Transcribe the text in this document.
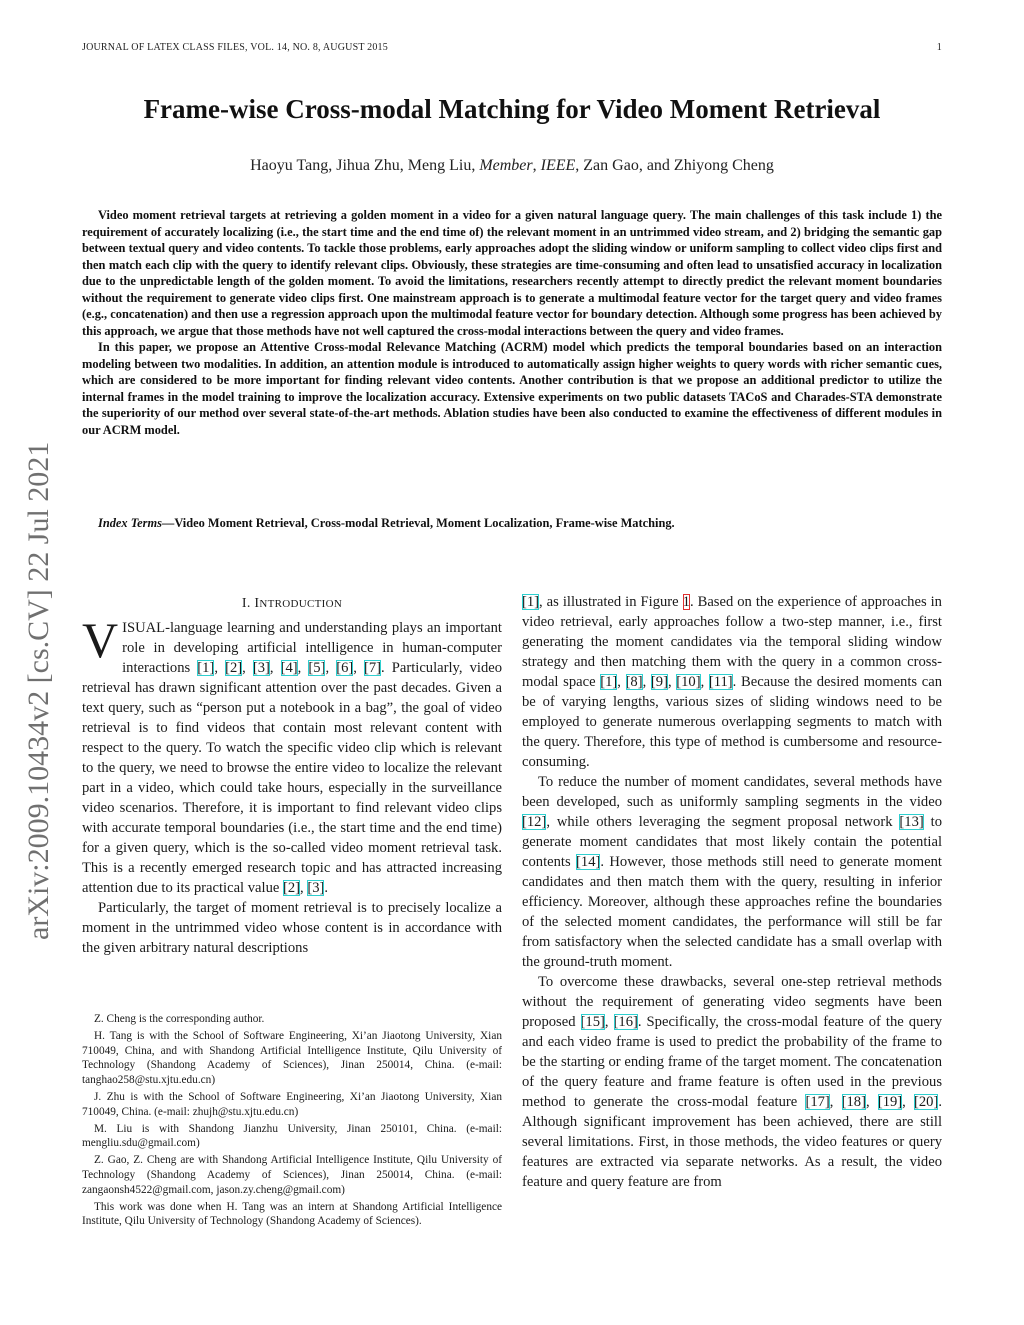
JOURNAL OF LATEX CLASS FILES, VOL. 14, NO. 8, AUGUST 2015	1
arXiv:2009.10434v2 [cs.CV] 22 Jul 2021
Frame-wise Cross-modal Matching for Video Moment Retrieval
Haoyu Tang, Jihua Zhu, Meng Liu, Member, IEEE, Zan Gao, and Zhiyong Cheng

Video moment retrieval targets at retrieving a golden moment in a video for a given natural language query. The main challenges of this task include 1) the requirement of accurately localizing (i.e., the start time and the end time of) the relevant moment in an untrimmed video stream, and 2) bridging the semantic gap between textual query and video contents. To tackle those problems, early approaches adopt the sliding window or uniform sampling to collect video clips first and then match each clip with the query to identify relevant clips. Obviously, these strategies are time-consuming and often lead to unsatisfied accuracy in localization due to the unpredictable length of the golden moment. To avoid the limitations, researchers recently attempt to directly predict the relevant moment boundaries without the requirement to generate video clips first. One mainstream approach is to generate a multimodal feature vector for the target query and video frames (e.g., concatenation) and then use a regression approach upon the multimodal feature vector for boundary detection. Although some progress has been achieved by this approach, we argue that those methods have not well captured the cross-modal interactions between the query and video frames.

In this paper, we propose an Attentive Cross-modal Relevance Matching (ACRM) model which predicts the temporal boundaries based on an interaction modeling between two modalities. In addition, an attention module is introduced to automatically assign higher weights to query words with richer semantic cues, which are considered to be more important for finding relevant video contents. Another contribution is that we propose an additional predictor to utilize the internal frames in the model training to improve the localization accuracy. Extensive experiments on two public datasets TACoS and Charades-STA demonstrate the superiority of our method over several state-of-the-art methods. Ablation studies have been also conducted to examine the effectiveness of different modules in our ACRM model.

Index Terms—Video Moment Retrieval, Cross-modal Retrieval, Moment Localization, Frame-wise Matching.
I. INTRODUCTION

VISUAL-language learning and understanding plays an important role in developing artificial intelligence in human-computer interactions [1], [2], [3], [4], [5], [6], [7]. Particularly, video retrieval has drawn significant attention over the past decades. Given a text query, such as “person put a notebook in a bag”, the goal of video retrieval is to find videos that contain most relevant content with respect to the query. To watch the specific video clip which is relevant to the query, we need to browse the entire video to localize the relevant part in a video, which could take hours, especially in the surveillance video scenarios. Therefore, it is important to find relevant video clips with accurate temporal boundaries (i.e., the start time and the end time) for a given query, which is the so-called video moment retrieval task. This is a recently emerged research topic and has attracted increasing attention due to its practical value [2], [3].

Particularly, the target of moment retrieval is to precisely localize a moment in the untrimmed video whose content is in accordance with the given arbitrary natural descriptions

Z. Cheng is the corresponding author.

H. Tang is with the School of Software Engineering, Xi’an Jiaotong University, Xian 710049, China, and with Shandong Artificial Intelligence Institute, Qilu University of Technology (Shandong Academy of Sciences), Jinan 250014, China. (e-mail: tanghao258@stu.xjtu.edu.cn)

J. Zhu is with the School of Software Engineering, Xi’an Jiaotong University, Xian 710049, China. (e-mail: zhujh@stu.xjtu.edu.cn)

M. Liu is with Shandong Jianzhu University, Jinan 250101, China. (e-mail: mengliu.sdu@gmail.com)

Z. Gao, Z. Cheng are with Shandong Artificial Intelligence Institute, Qilu University of Technology (Shandong Academy of Sciences), Jinan 250014, China. (e-mail: zangaonsh4522@gmail.com, jason.zy.cheng@gmail.com)

This work was done when H. Tang was an intern at Shandong Artificial Intelligence Institute, Qilu University of Technology (Shandong Academy of Sciences).

[1], as illustrated in Figure 1. Based on the experience of approaches in video retrieval, early approaches follow a two-step manner, i.e., first generating the moment candidates via the temporal sliding window strategy and then matching them with the query in a common cross-modal space [1], [8], [9], [10], [11]. Because the desired moments can be of varying lengths, various sizes of sliding windows need to be employed to generate numerous overlapping segments to match with the query. Therefore, this type of method is cumbersome and resource-consuming.

To reduce the number of moment candidates, several methods have been developed, such as uniformly sampling segments in the video [12], while others leveraging the segment proposal network [13] to generate moment candidates that most likely contain the potential contents [14]. However, those methods still need to generate moment candidates and then match them with the query, resulting in inferior efficiency. Moreover, although these approaches refine the boundaries of the selected moment candidates, the performance will still be far from satisfactory when the selected candidate has a small overlap with the ground-truth moment.

To overcome these drawbacks, several one-step retrieval methods without the requirement of generating video segments have been proposed [15], [16]. Specifically, the cross-modal feature of the query and each video frame is used to predict the probability of the frame to be the starting or ending frame of the target moment. The concatenation of the query feature and frame feature is often used in the previous method to generate the cross-modal feature [17], [18], [19], [20]. Although significant improvement has been achieved, there are still several limitations. First, in those methods, the video features or query features are extracted via separate networks. As a result, the video feature and query feature are from
